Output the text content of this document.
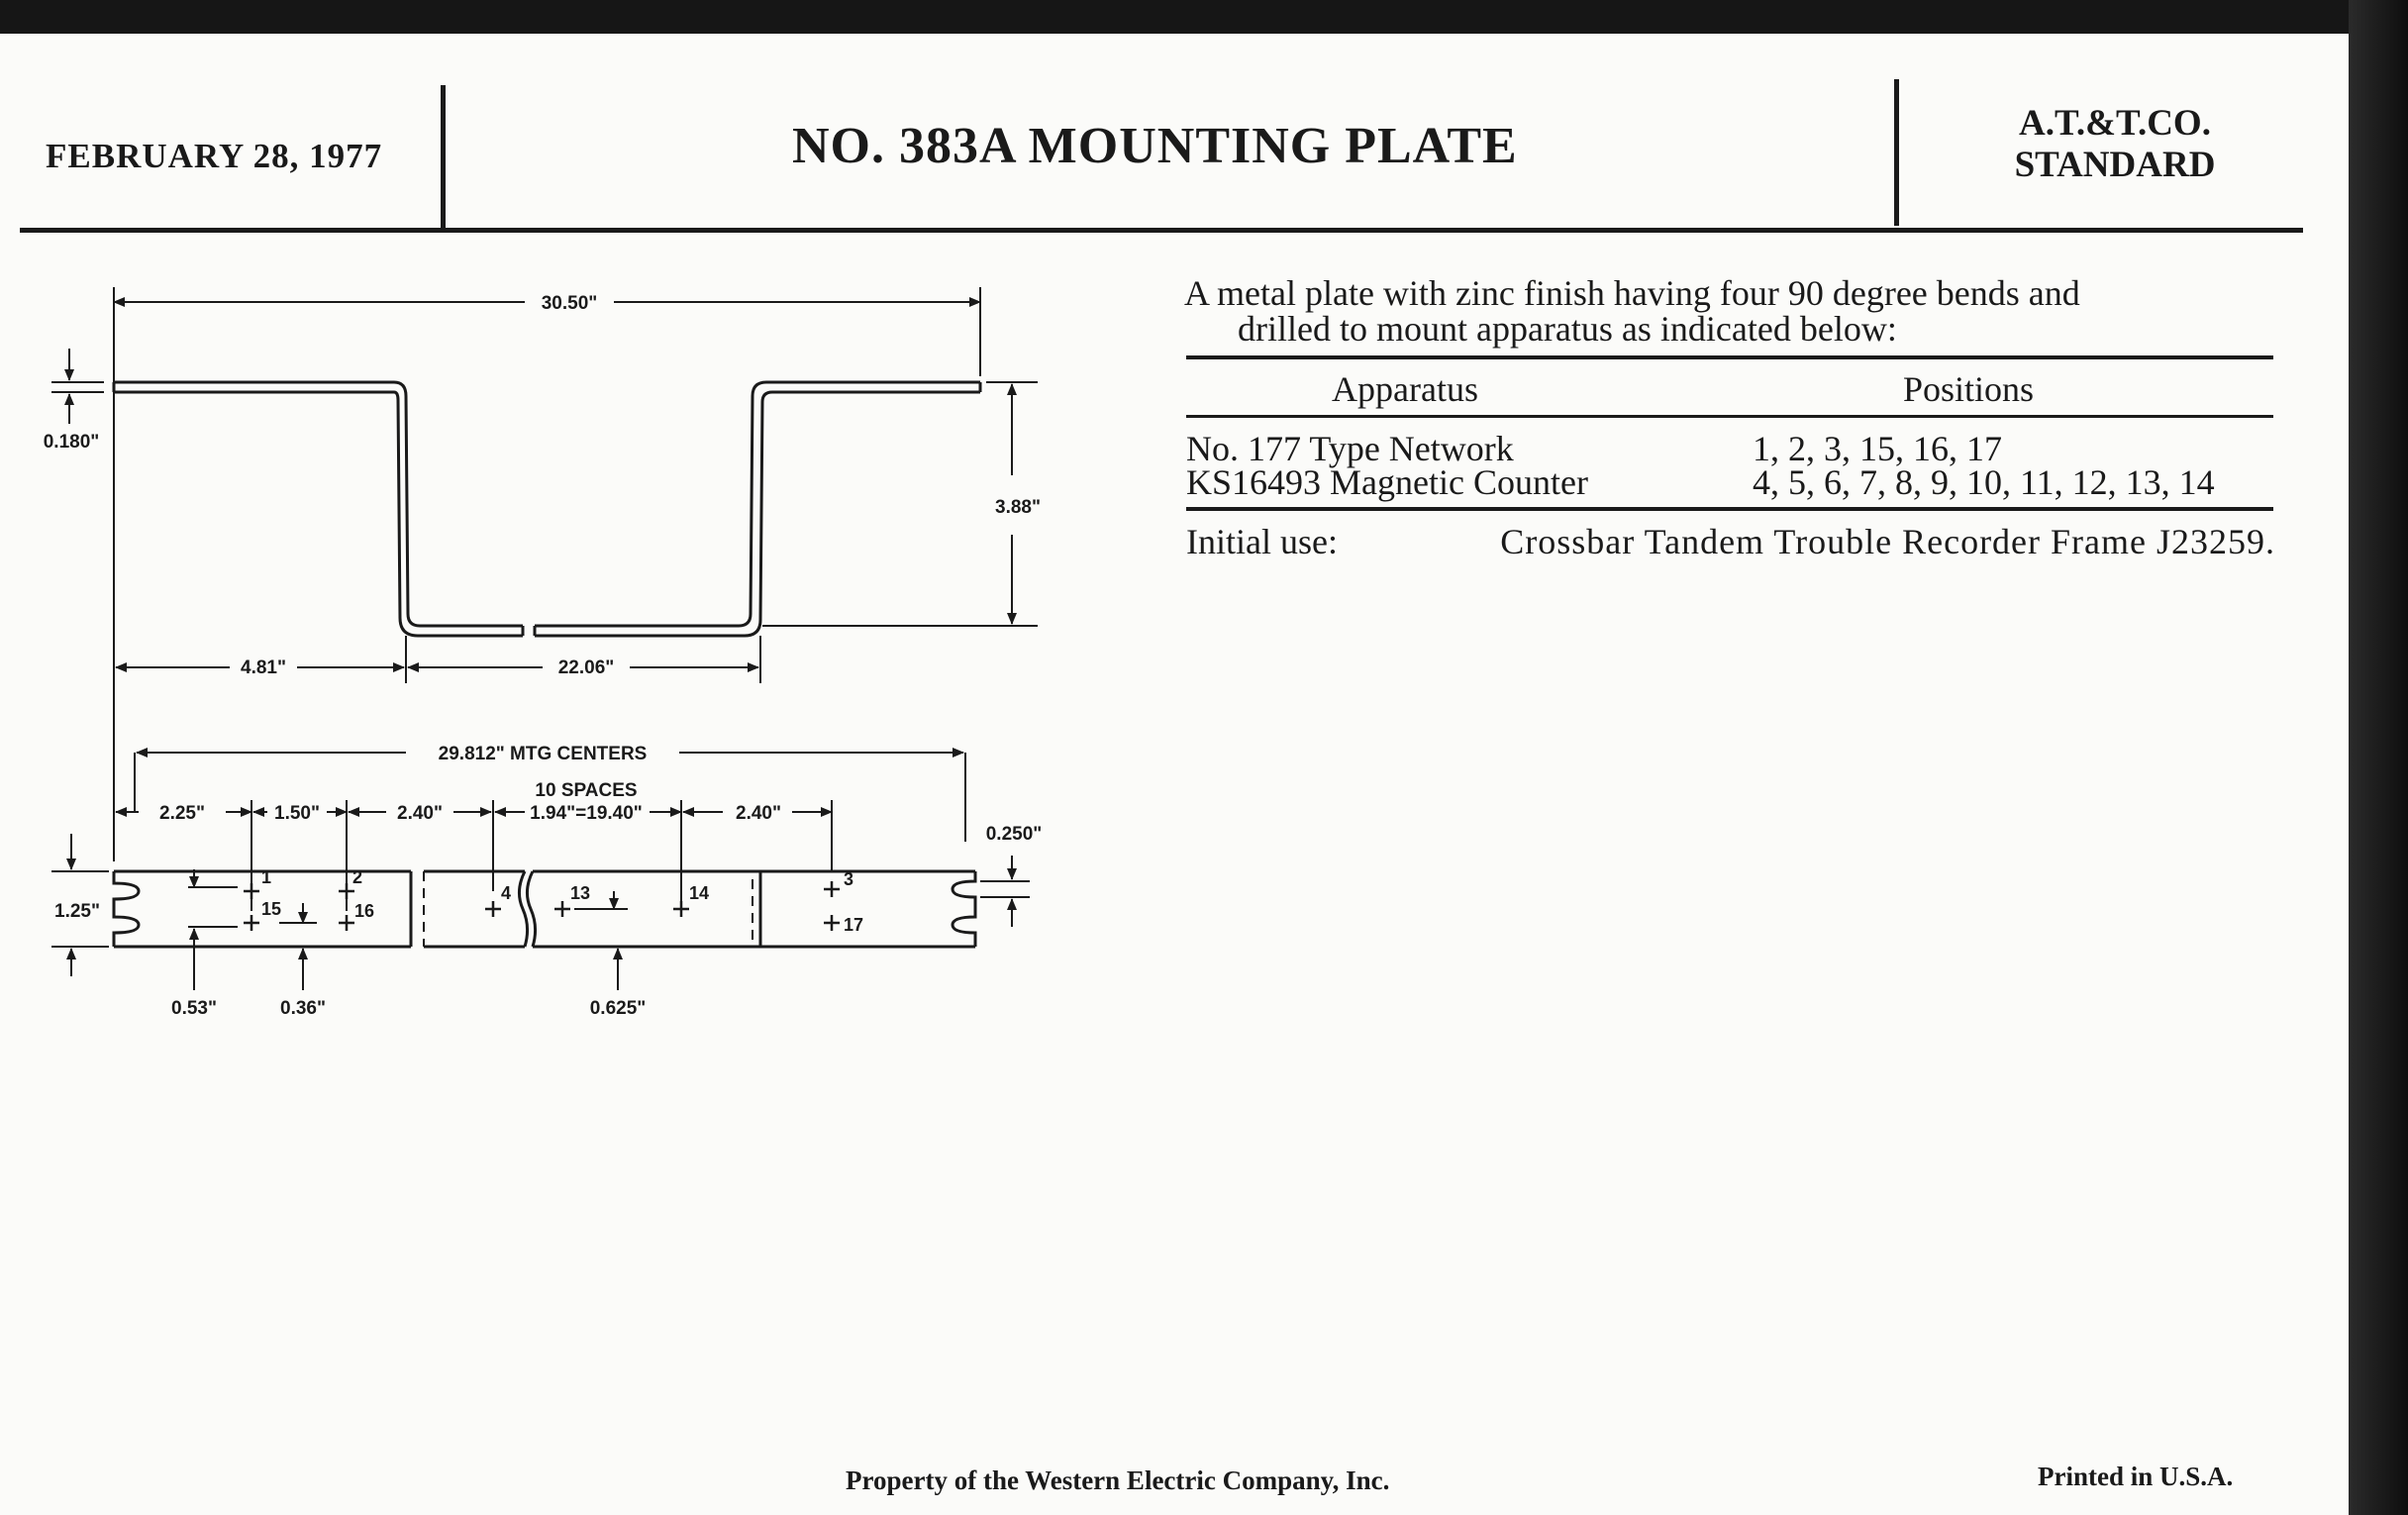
FEBRUARY 28, 1977	NO. 383A MOUNTING PLATE	A.T.&T.CO.
STANDARD
A metal plate with zinc finish having four 90 degree bends and
drilled to mount apparatus as indicated below:
Apparatus	Positions
No. 177 Type Network	1, 2, 3, 15, 16, 17
KS16493 Magnetic Counter	4, 5, 6, 7, 8, 9, 10, 11, 12, 13, 14
Initial use:	Crossbar Tandem Trouble Recorder Frame J23259.
30.50"
0.180"
3.88"
4.81"	22.06"
29.812" MTG CENTERS
2.25"	1.50"	2.40"
10 SPACES
1.94"=19.40"	2.40"
0.250"
1.25"
0.53"	0.36"	0.625"
1	2	3
4	13	14
15	16
17
Property of the Western Electric Company, Inc.	Printed in U.S.A.
